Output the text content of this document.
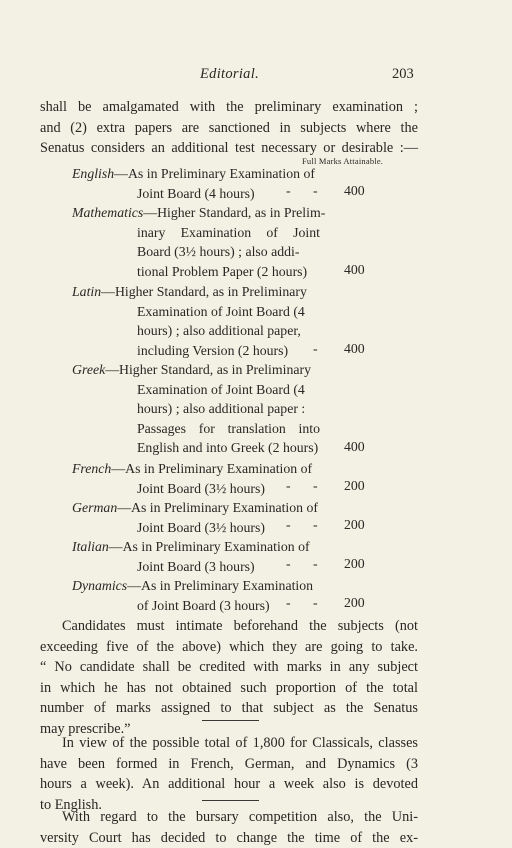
Editorial.	203
shall be amalgamated with the preliminary examination ;
and (2) extra papers are sanctioned in subjects where the
Senatus considers an additional test necessary or desirable :—
Full Marks Attainable.
English—As in Preliminary Examination of
Joint Board (4 hours)	- - 400
Mathematics—Higher Standard, as in Prelim-
inary Examination of Joint
Board (3½ hours) ; also addi-
tional Problem Paper (2 hours)	400
Latin—Higher Standard, as in Preliminary
Examination of Joint Board (4
hours) ; also additional paper,
including Version (2 hours)	- 400
Greek—Higher Standard, as in Preliminary
Examination of Joint Board (4
hours) ; also additional paper :
Passages for translation into
English and into Greek (2 hours)	400
French—As in Preliminary Examination of
Joint Board (3½ hours)	- - 200
German—As in Preliminary Examination of
Joint Board (3½ hours)	- - 200
Italian—As in Preliminary Examination of
Joint Board (3 hours)	- - 200
Dynamics—As in Preliminary Examination
of Joint Board (3 hours)	- - 200
Candidates must intimate beforehand the subjects (not
exceeding five of the above) which they are going to take.
“ No candidate shall be credited with marks in any subject
in which he has not obtained such proportion of the total
number of marks assigned to that subject as the Senatus
may prescribe.”
In view of the possible total of 1,800 for Classicals, classes
have been formed in French, German, and Dynamics (3
hours a week). An additional hour a week also is devoted
to English.
With regard to the bursary competition also, the Uni-
versity Court has decided to change the time of the ex-
